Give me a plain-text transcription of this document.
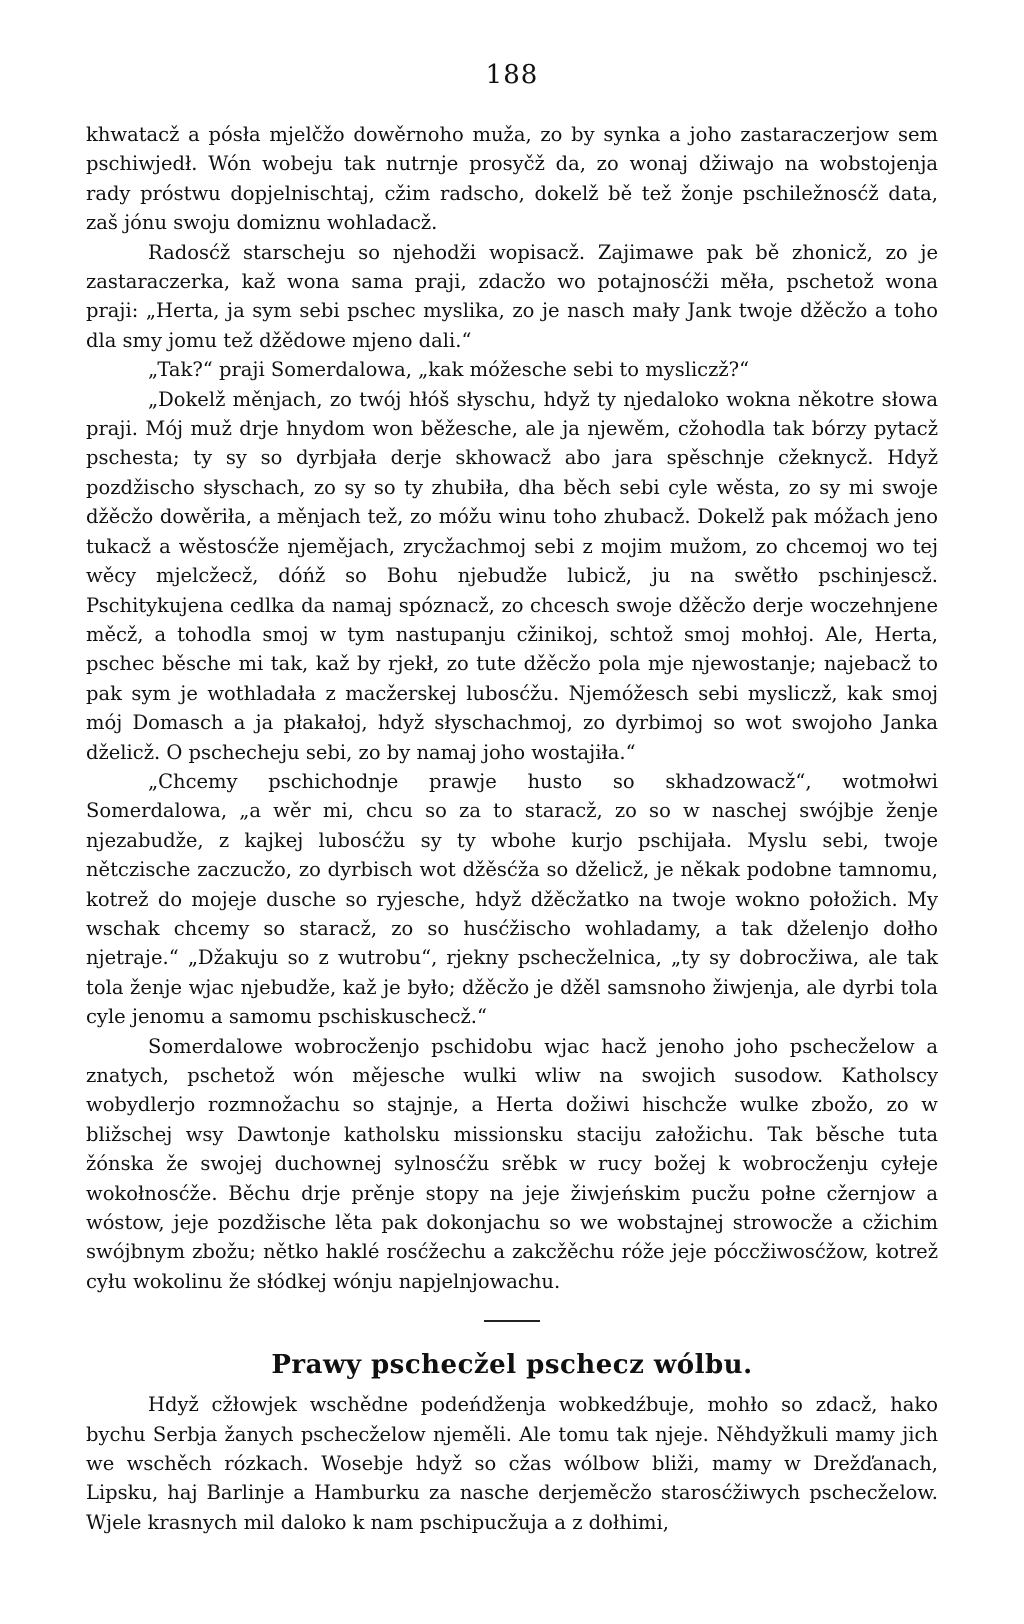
188

khwatacž a pósła mjelčžo dowěrnoho muža, zo by synka a joho zastaraczerjow sem pschiwjedł. Wón wobeju tak nutrnje prosyčž da, zo wonaj džiwajo na wobstojenja rady próstwu dopjelnischtaj, cžim radscho, dokelž bě tež žonje pschiležnosćž data, zaš jónu swoju domiznu wohladacž.

Radosćž starscheju so njehodži wopisacž. Zajimawe pak bě zhonicž, zo je zastaraczerka, kaž wona sama praji, zdacžo wo potajnosćži měła, pschetož wona praji: „Herta, ja sym sebi pschec myslika, zo je nasch mały Jank twoje džěcžo a toho dla smy jomu tež džědowe mjeno dali.“

„Tak?“ praji Somerdalowa, „kak móžesche sebi to mysliczž?“

„Dokelž měnjach, zo twój hłóš słyschu, hdyž ty njedaloko wokna někotre słowa praji. Mój muž drje hnydom won běžesche, ale ja njewěm, cžohodla tak bórzy pytacž pschesta; ty sy so dyrbjała derje skhowacž abo jara spěschnje cžeknycž. Hdyž pozdžischo słyschach, zo sy so ty zhubiła, dha běch sebi cyle wěsta, zo sy mi swoje džěcžo dowěriła, a měnjach tež, zo móžu winu toho zhubacž. Dokelž pak móžach jeno tukacž a wěstosćže njemějach, zrycžachmoj sebi z mojim mužom, zo chcemoj wo tej wěcy mjelcžecž, dóńž so Bohu njebudže lubicž, ju na swětło pschinjescž. Pschitykujena cedlka da namaj spóznacž, zo chcesch swoje džěcžo derje woczehnjene měcž, a tohodla smoj w tym nastupanju cžinikoj, schtož smoj mohłoj. Ale, Herta, pschec běsche mi tak, kaž by rjekł, zo tute džěcžo pola mje njewostanje; najebacž to pak sym je wothladała z macžerskej lubosćžu. Njemóžesch sebi mysliczž, kak smoj mój Domasch a ja płakałoj, hdyž słyschachmoj, zo dyrbimoj so wot swojoho Janka dželicž. O pschecheju sebi, zo by namaj joho wostajiła.“

„Chcemy pschichodnje prawje husto so skhadzowacž“, wotmołwi Somerdalowa, „a wěr mi, chcu so za to staracž, zo so w naschej swójbje ženje njezabudže, z kajkej lubosćžu sy ty wbohe kurjo pschijała. Myslu sebi, twoje nětczische zaczucžo, zo dyrbisch wot džěsćža so dželicž, je někak podobne tamnomu, kotrež do mojeje dusche so ryjesche, hdyž džěcžatko na twoje wokno połožich. My wschak chcemy so staracž, zo so husćžischo wohladamy, a tak dželenjo dołho njetraje.“ „Džakuju so z wutrobu“, rjekny pschecželnica, „ty sy dobrocžiwa, ale tak tola ženje wjac njebudže, kaž je było; džěcžo je džěl samsnoho žiwjenja, ale dyrbi tola cyle jenomu a samomu pschiskuschecž.“

Somerdalowe wobrocženjo pschidobu wjac hacž jenoho joho pschecželow a znatych, pschetož wón mějesche wulki wliw na swojich susodow. Katholscy wobydlerjo rozmnožachu so stajnje, a Herta dožiwi hischcže wulke zbožo, zo w bližschej wsy Dawtonje katholsku missionsku staciju załožichu. Tak běsche tuta žónska že swojej duchownej sylnosćžu srěbk w rucy božej k wobrocženju cyłeje wokołnosćže. Běchu drje prěnje stopy na jeje žiwjeńskim pucžu połne cžernjow a wóstow, jeje pozdžische lěta pak dokonjachu so we wobstajnej strowocže a cžichim swójbnym zbožu; nětko haklé rosćžechu a zakcžěchu róže jeje póccžiwosćžow, kotrež cyłu wokolinu že słódkej wónju napjelnjowachu.

Prawy pschecžel pschecz wólbu.

Hdyž cžłowjek wschědne podeńdženja wobkedźbuje, mohło so zdacž, hako bychu Serbja žanych pschecželow njeměli. Ale tomu tak njeje. Něhdyžkuli mamy jich we wschěch rózkach. Wosebje hdyž so cžas wólbow bliži, mamy w Drežďanach, Lipsku, haj Barlinje a Hamburku za nasche derjeměcžo starosćžiwych pschecželow. Wjele krasnych mil daloko k nam pschipucžuja a z dołhimi,
